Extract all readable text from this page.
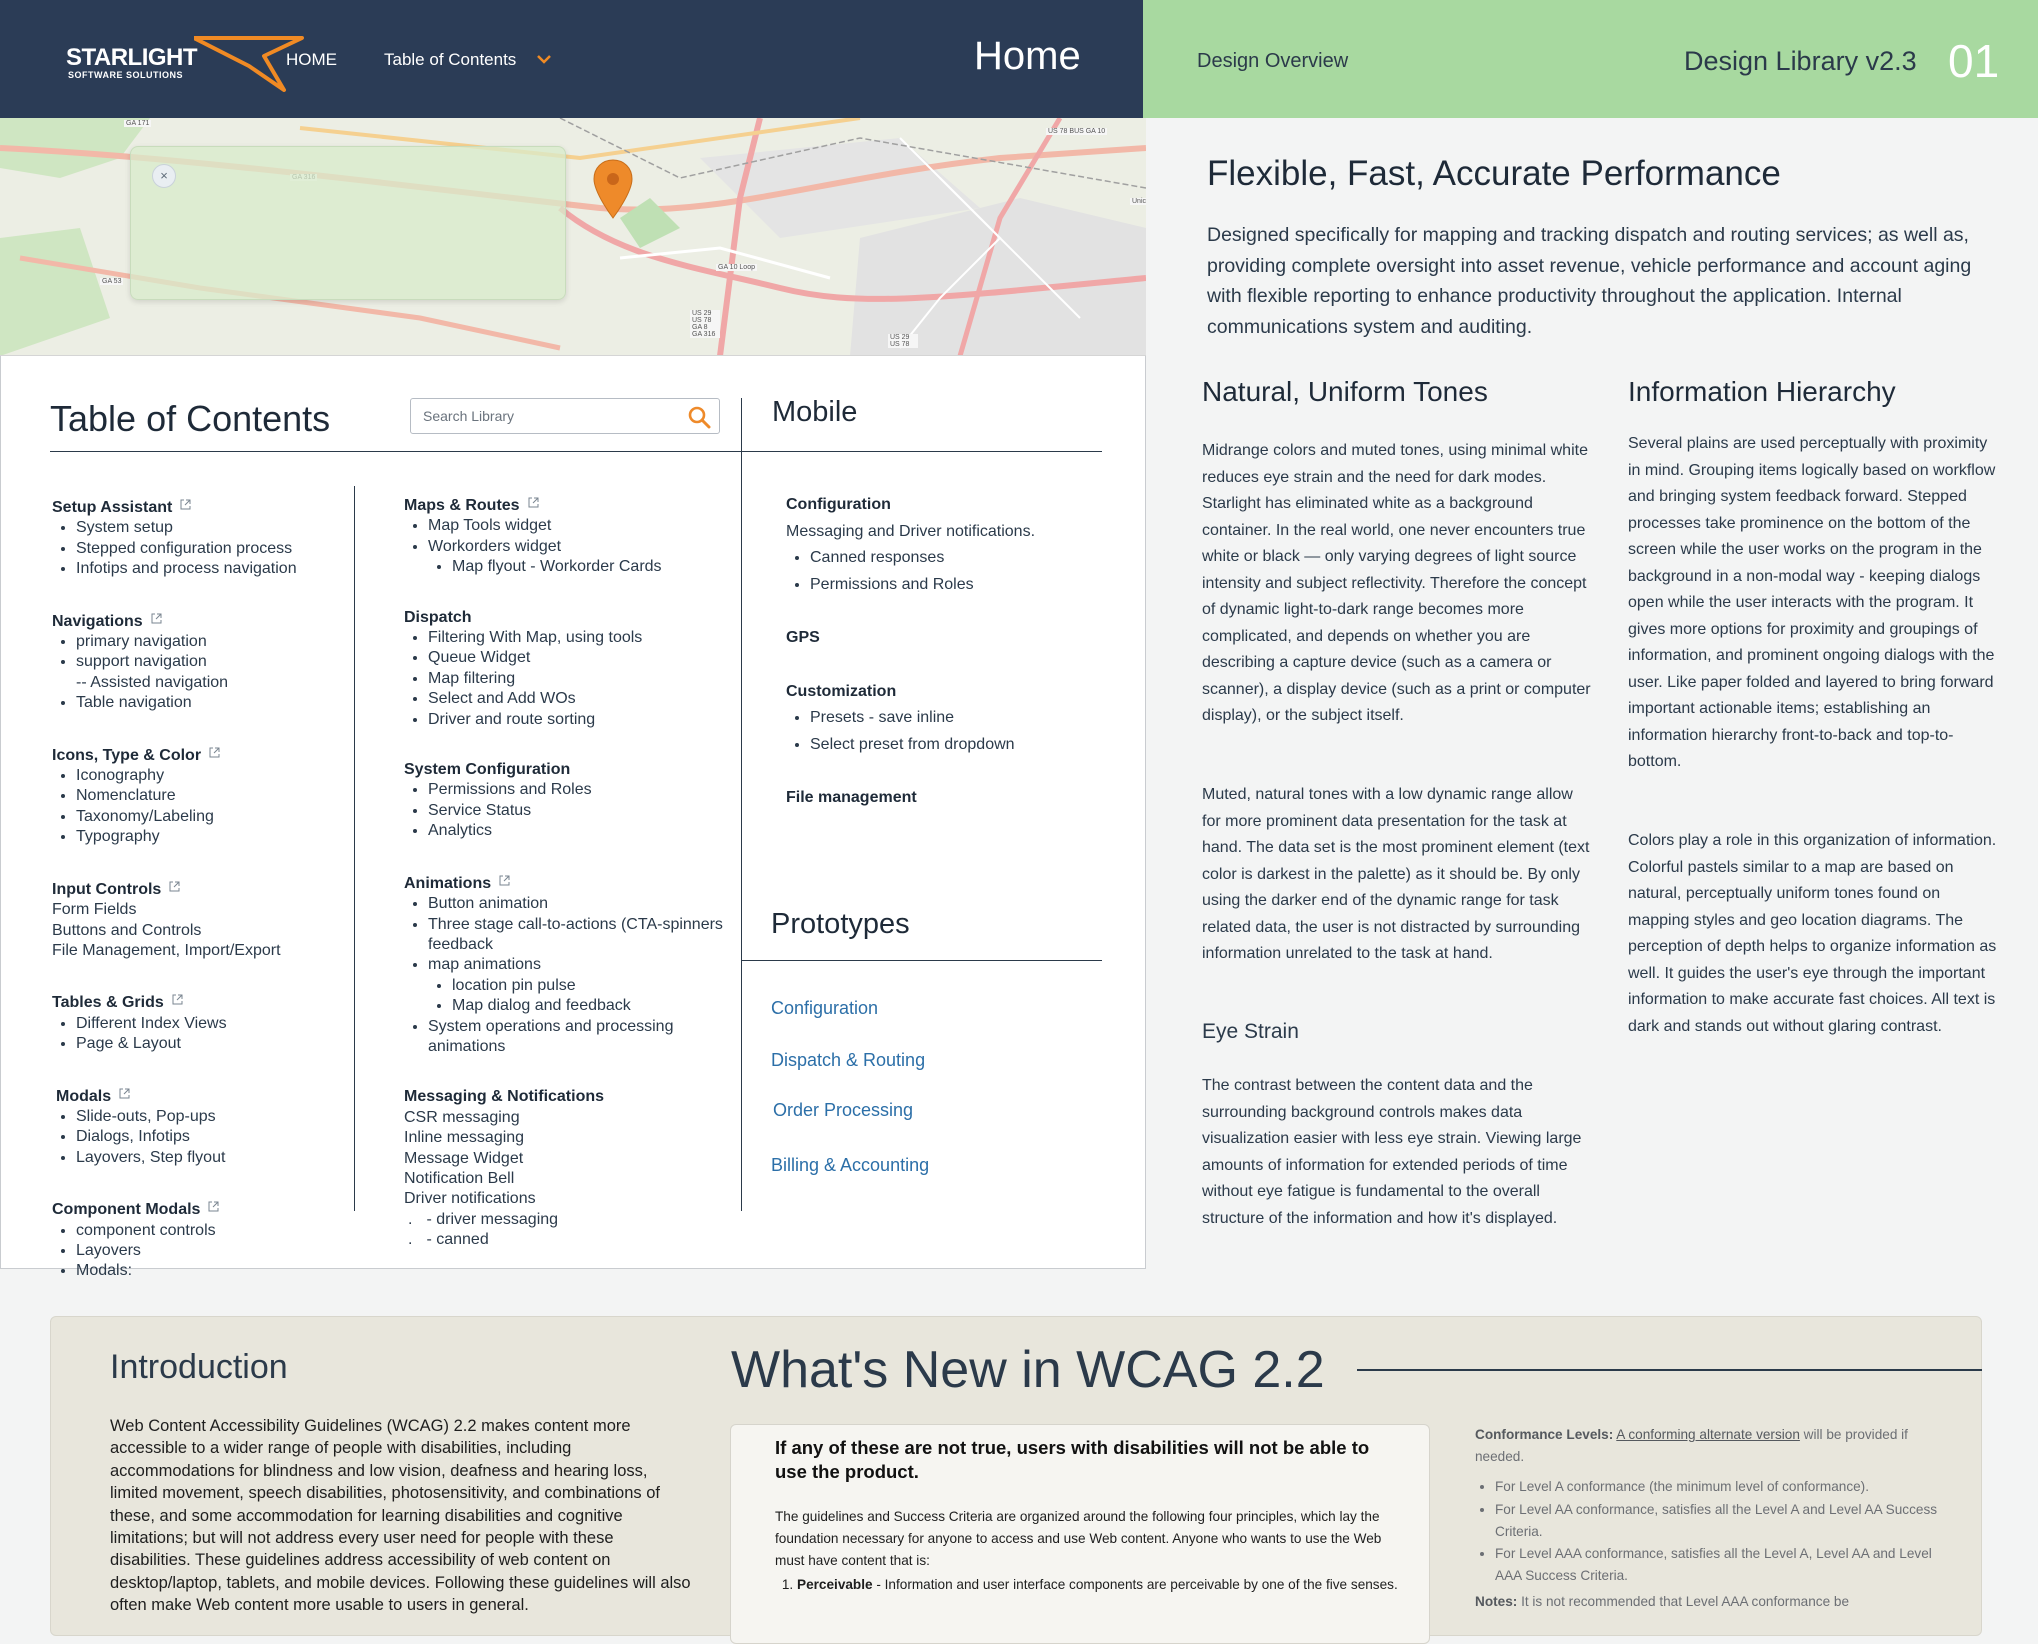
STARLIGHT
SOFTWARE SOLUTIONS
HOME	Table of Contents	Home	Design Overview	Design Library v2.3 01
GA 171
US 78 BUS GA 10
GA 53
GA 10 Loop
US 29 US 78 GA 8 GA 316	US 29 US 78
Unic
×
Table of Contents
Search Library
Setup Assistant
• System setup
• Stepped configuration process
• Infotips and process navigation
Navigations
• primary navigation
• support navigation
-- Assisted navigation
• Table navigation
Icons, Type & Color
• Iconography
• Nomenclature
• Taxonomy/Labeling
• Typography
Input Controls
Form Fields
Buttons and Controls
File Management, Import/Export
Tables & Grids
• Different Index Views
• Page & Layout
Modals
• Slide-outs, Pop-ups
• Dialogs, Infotips
• Layovers, Step flyout
Component Modals
• component controls
• Layovers
• Modals:
Maps & Routes
• Map Tools widget
• Workorders widget
• Map flyout - Workorder Cards
Dispatch
• Filtering With Map, using tools
• Queue Widget
• Map filtering
• Select and Add WOs
• Driver and route sorting
System Configuration
• Permissions and Roles
• Service Status
• Analytics
Animations
• Button animation
• Three stage call-to-actions (CTA-spinners feedback
• map animations
• location pin pulse
• Map dialog and feedback
• System operations and processing animations
Messaging & Notifications
CSR messaging
Inline messaging
Message Widget
Notification Bell
Driver notifications
. - driver messaging
. - canned
Mobile
Configuration
Messaging and Driver notifications.
• Canned responses
• Permissions and Roles
GPS
Customization
• Presets - save inline
• Select preset from dropdown
File management
Prototypes
Configuration
Dispatch & Routing
Order Processing
Billing & Accounting
Flexible, Fast, Accurate Performance
Designed specifically for mapping and tracking dispatch and routing services; as well as, providing complete oversight into asset revenue, vehicle performance and account aging with flexible reporting to enhance productivity throughout the application. Internal communications system and auditing.
Natural, Uniform Tones
Midrange colors and muted tones, using minimal white reduces eye strain and the need for dark modes. Starlight has eliminated white as a background container. In the real world, one never encounters true white or black — only varying degrees of light source intensity and subject reflectivity. Therefore the concept of dynamic light-to-dark range becomes more complicated, and depends on whether you are describing a capture device (such as a camera or scanner), a display device (such as a print or computer display), or the subject itself.
Muted, natural tones with a low dynamic range allow for more prominent data presentation for the task at hand. The data set is the most prominent element (text color is darkest in the palette) as it should be. By only using the darker end of the dynamic range for task related data, the user is not distracted by surrounding information unrelated to the task at hand.
Eye Strain
The contrast between the content data and the surrounding background controls makes data visualization easier with less eye strain. Viewing large amounts of information for extended periods of time without eye fatigue is fundamental to the overall structure of the information and how it's displayed.
Information Hierarchy
Several plains are used perceptually with proximity in mind. Grouping items logically based on workflow and bringing system feedback forward. Stepped processes take prominence on the bottom of the screen while the user works on the program in the background in a non-modal way - keeping dialogs open while the user interacts with the program. It gives more options for proximity and groupings of information, and prominent ongoing dialogs with the user. Like paper folded and layered to bring forward important actionable items; establishing an information hierarchy front-to-back and top-to-bottom.
Colors play a role in this organization of information. Colorful pastels similar to a map are based on natural, perceptually uniform tones found on mapping styles and geo location diagrams. The perception of depth helps to organize information as well. It guides the user's eye through the important information to make accurate fast choices. All text is dark and stands out without glaring contrast.
Introduction
Web Content Accessibility Guidelines (WCAG) 2.2 makes content more accessible to a wider range of people with disabilities, including accommodations for blindness and low vision, deafness and hearing loss, limited movement, speech disabilities, photosensitivity, and combinations of these, and some accommodation for learning disabilities and cognitive limitations; but will not address every user need for people with these disabilities. These guidelines address accessibility of web content on desktop/laptop, tablets, and mobile devices. Following these guidelines will also often make Web content more usable to users in general.
What's New in WCAG 2.2
If any of these are not true, users with disabilities will not be able to use the product.
The guidelines and Success Criteria are organized around the following four principles, which lay the foundation necessary for anyone to access and use Web content. Anyone who wants to use the Web must have content that is:
1. Perceivable - Information and user interface components are perceivable by one of the five senses.
Conformance Levels: A conforming alternate version will be provided if needed.
• For Level A conformance (the minimum level of conformance).
• For Level AA conformance, satisfies all the Level A and Level AA Success Criteria.
• For Level AAA conformance, satisfies all the Level A, Level AA and Level AAA Success Criteria.
Notes: It is not recommended that Level AAA conformance be
